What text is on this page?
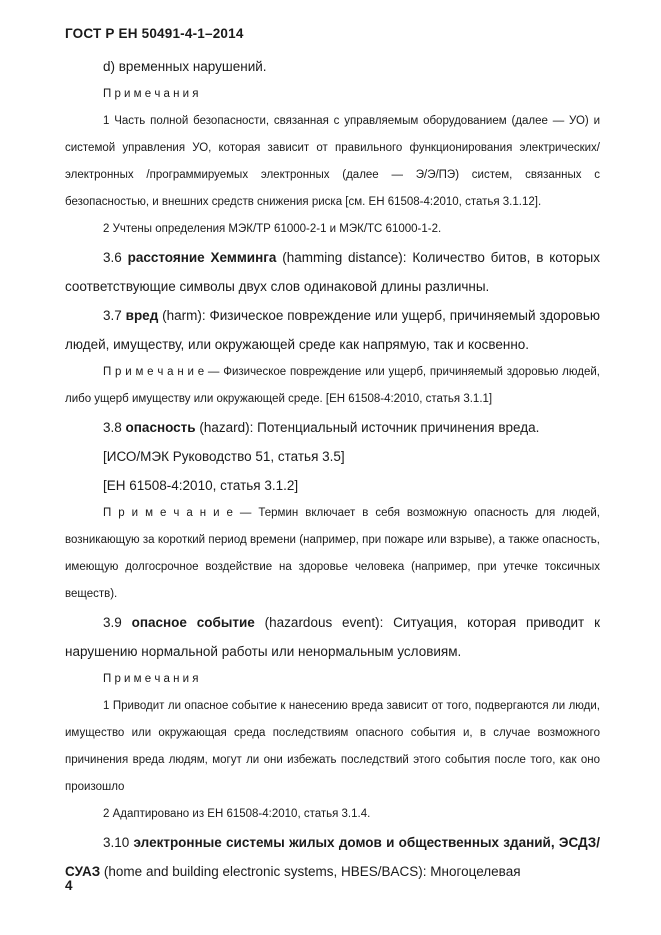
ГОСТ Р ЕН 50491-4-1–2014

d) временных нарушений.

П р и м е ч а н и я

1 Часть полной безопасности, связанная с управляемым оборудованием (далее — УО) и системой управления УО, которая зависит от правильного функционирования электрических/электронных /программируемых электронных (далее — Э/Э/ПЭ) систем, связанных с безопасностью, и внешних средств снижения риска [см. ЕН 61508-4:2010, статья 3.1.12].

2 Учтены определения МЭК/ТР 61000-2-1 и МЭК/ТС 61000-1-2.

3.6 расстояние Хемминга (hamming distance): Количество битов, в которых соответствующие символы двух слов одинаковой длины различны.

3.7 вред (harm): Физическое повреждение или ущерб, причиняемый здоровью людей, имуществу, или окружающей среде как напрямую, так и косвенно.

П р и м е ч а н и е — Физическое повреждение или ущерб, причиняемый здоровью людей, либо ущерб имуществу или окружающей среде. [ЕН 61508-4:2010, статья 3.1.1]

3.8 опасность (hazard): Потенциальный источник причинения вреда.

[ИСО/МЭК Руководство 51, статья 3.5]

[ЕН 61508-4:2010, статья 3.1.2]

П р и м е ч а н и е — Термин включает в себя возможную опасность для людей, возникающую за короткий период времени (например, при пожаре или взрыве), а также опасность, имеющую долгосрочное воздействие на здоровье человека (например, при утечке токсичных веществ).

3.9 опасное событие (hazardous event): Ситуация, которая приводит к нарушению нормальной работы или ненормальным условиям.

П р и м е ч а н и я

1 Приводит ли опасное событие к нанесению вреда зависит от того, подвергаются ли люди, имущество или окружающая среда последствиям опасного события и, в случае возможного причинения вреда людям, могут ли они избежать последствий этого события после того, как оно произошло

2 Адаптировано из ЕН 61508-4:2010, статья 3.1.4.

3.10 электронные системы жилых домов и общественных зданий, ЭСДЗ/СУАЗ (home and building electronic systems, HBES/BACS): Многоцелевая

4
